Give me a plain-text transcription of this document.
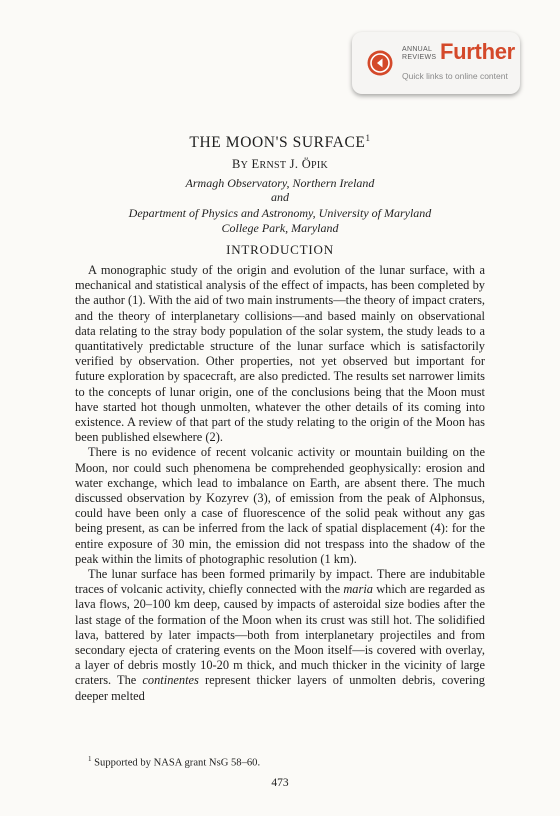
ANNUAL
REVIEWS Further
Quick links to online content
THE MOON'S SURFACE$^1$
BY ERNST J. ÖPIK
Armagh Observatory, Northern Ireland
and
Department of Physics and Astronomy, University of Maryland
College Park, Maryland
INTRODUCTION

A monographic study of the origin and evolution of the lunar surface, with a mechanical and statistical analysis of the effect of impacts, has been completed by the author (1). With the aid of two main instruments—the theory of impact craters, and the theory of interplanetary collisions—and based mainly on observational data relating to the stray body population of the solar system, the study leads to a quantitatively predictable structure of the lunar surface which is satisfactorily verified by observation. Other properties, not yet observed but important for future exploration by spacecraft, are also predicted. The results set narrower limits to the concepts of lunar origin, one of the conclusions being that the Moon must have started hot though unmolten, whatever the other details of its coming into existence. A review of that part of the study relating to the origin of the Moon has been published elsewhere (2).

There is no evidence of recent volcanic activity or mountain building on the Moon, nor could such phenomena be comprehended geophysically: erosion and water exchange, which lead to imbalance on Earth, are absent there. The much discussed observation by Kozyrev (3), of emission from the peak of Alphonsus, could have been only a case of fluorescence of the solid peak without any gas being present, as can be inferred from the lack of spatial displacement (4): for the entire exposure of 30 min, the emission did not trespass into the shadow of the peak within the limits of photographic resolution (1 km).

The lunar surface has been formed primarily by impact. There are indubitable traces of volcanic activity, chiefly connected with the maria which are regarded as lava flows, 20–100 km deep, caused by impacts of asteroidal size bodies after the last stage of the formation of the Moon when its crust was still hot. The solidified lava, battered by later impacts—both from interplanetary projectiles and from secondary ejecta of cratering events on the Moon itself—is covered with overlay, a layer of debris mostly 10-20 m thick, and much thicker in the vicinity of large craters. The continentes represent thicker layers of unmolten debris, covering deeper melted

$^1$ Supported by NASA grant NsG 58–60.
473
